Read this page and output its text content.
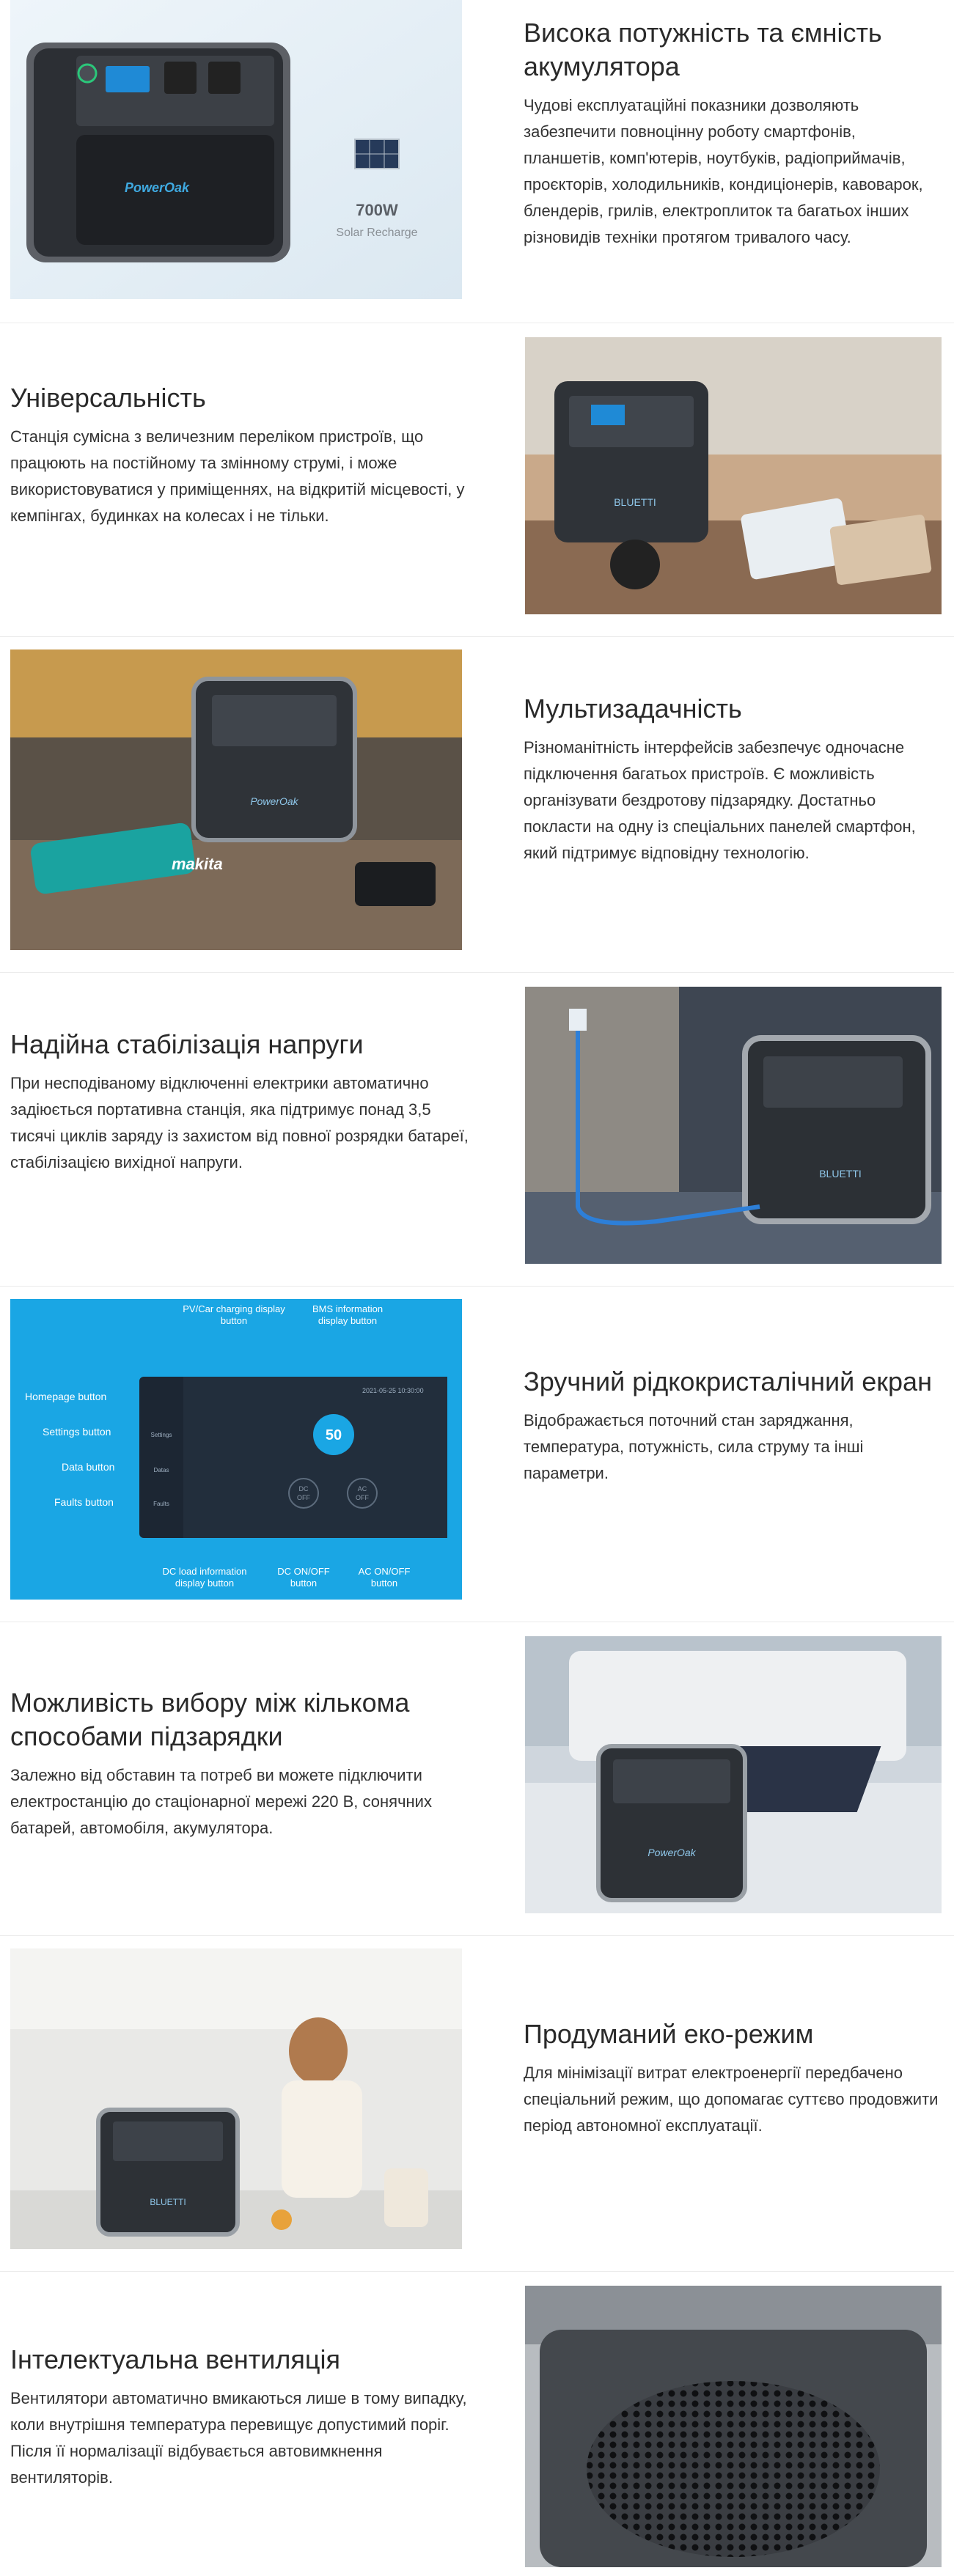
PowerOak
700W
Solar Recharge
Висока потужність та ємність акумулятора

Чудові експлуатаційні показники дозволяють забезпечити повноцінну роботу смартфонів, планшетів, комп'ютерів, ноутбуків, радіоприймачів, проєкторів, холодильників, кондиціонерів, кавоварок, блендерів, грилів, електроплиток та багатьох інших різновидів техніки протягом тривалого часу.

Універсальність

Станція сумісна з величезним переліком пристроїв, що працюють на постійному та змінному струмі, і може використовуватися у приміщеннях, на відкритій місцевості, у кемпінгах, будинках на колесах і не тільки.

BLUETTI
PowerOak
makita
Мультизадачність

Різноманітність інтерфейсів забезпечує одночасне підключення багатьох пристроїв. Є можливість організувати бездротову підзарядку. Достатньо покласти на одну із спеціальних панелей смартфон, який підтримує відповідну технологію.

Надійна стабілізація напруги

При несподіваному відключенні електрики автоматично задіюється портативна станція, яка підтримує понад 3,5 тисячі циклів заряду із захистом від повної розрядки батареї, стабілізацією вихідної напруги.

BLUETTI
50
2021-05-25 10:30:00
DC
OFF
AC
OFF
Settings
Datas
Faults
Homepage button
Settings button
Data button
Faults button
PV/Car charging display button
BMS information display button
DC load information display button
DC ON/OFF button
AC ON/OFF button
Зручний рідкокристалічний екран

Відображається поточний стан заряджання, температура, потужність, сила струму та інші параметри.

Можливість вибору між кількома способами підзарядки

Залежно від обставин та потреб ви можете підключити електростанцію до стаціонарної мережі 220 В, сонячних батарей, автомобіля, акумулятора.

PowerOak
BLUETTI
Продуманий еко-режим

Для мінімізації витрат електроенергії передбачено спеціальний режим, що допомагає суттєво продовжити період автономної експлуатації.

Інтелектуальна вентиляція

Вентилятори автоматично вмикаються лише в тому випадку, коли внутрішня температура перевищує допустимий поріг. Після її нормалізації відбувається автовимкнення вентиляторів.
